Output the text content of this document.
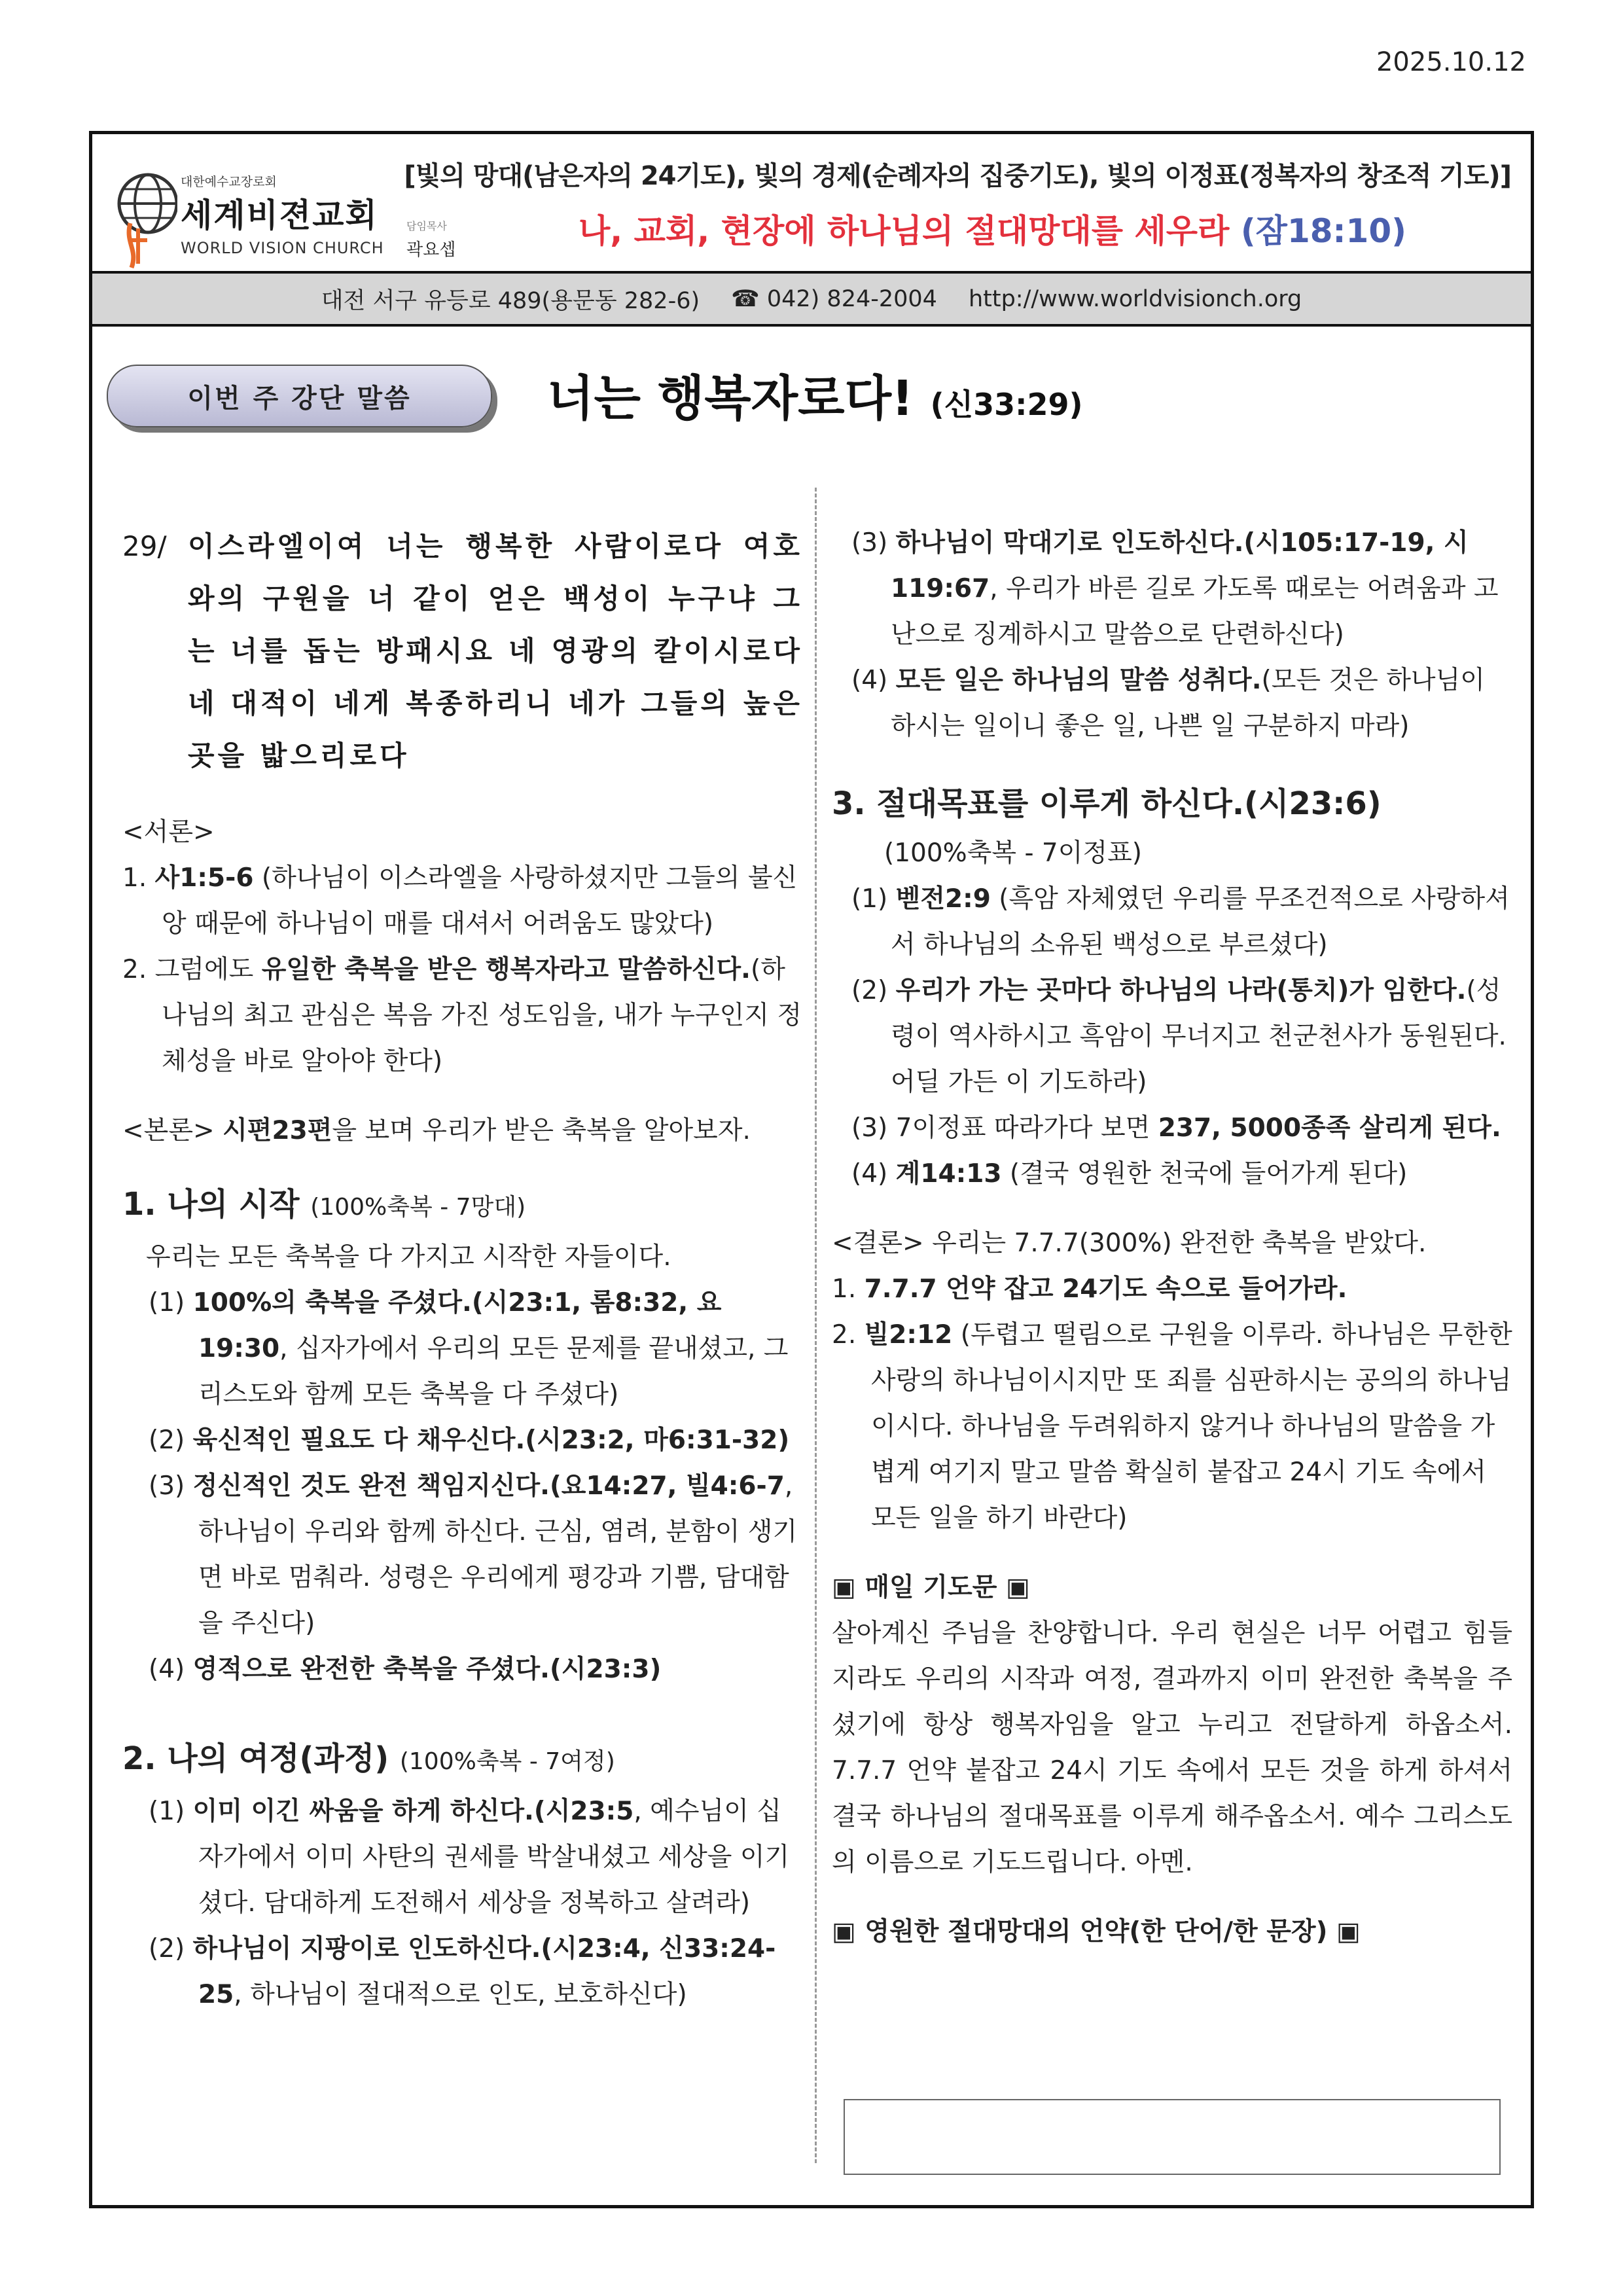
2025.10.12
대한예수교장로회
세계비젼교회
WORLD VISION CHURCH
담임목사
곽요셉
[빛의 망대(남은자의 24기도), 빛의 경제(순례자의 집중기도), 빛의 이정표(정복자의 창조적 기도)]
나, 교회, 현장에 하나님의 절대망대를 세우라 (잠18:10)
대전 서구 유등로 489(용문동 282-6) ☎ 042) 824-2004 http://www.worldvisionch.org
이번 주 강단 말씀	너는 행복자로다! (신33:29)
29/ 이스라엘이여 너는 행복한 사람이로다 여호와의 구원을 너 같이 얻은 백성이 누구냐 그는 너를 돕는 방패시요 네 영광의 칼이시로다 네 대적이 네게 복종하리니 네가 그들의 높은 곳을 밟으리로다

<서론>

1. 사1:5-6 (하나님이 이스라엘을 사랑하셨지만 그들의 불신앙 때문에 하나님이 매를 대셔서 어려움도 많았다)

2. 그럼에도 유일한 축복을 받은 행복자라고 말씀하신다.(하나님의 최고 관심은 복음 가진 성도임을, 내가 누구인지 정체성을 바로 알아야 한다)

<본론> 시편23편을 보며 우리가 받은 축복을 알아보자.

1. 나의 시작 (100%축복 - 7망대)

우리는 모든 축복을 다 가지고 시작한 자들이다.

(1) 100%의 축복을 주셨다.(시23:1, 롬8:32, 요19:30, 십자가에서 우리의 모든 문제를 끝내셨고, 그리스도와 함께 모든 축복을 다 주셨다)

(2) 육신적인 필요도 다 채우신다.(시23:2, 마6:31-32)

(3) 정신적인 것도 완전 책임지신다.(요14:27, 빌4:6-7, 하나님이 우리와 함께 하신다. 근심, 염려, 분함이 생기면 바로 멈춰라. 성령은 우리에게 평강과 기쁨, 담대함을 주신다)

(4) 영적으로 완전한 축복을 주셨다.(시23:3)

2. 나의 여정(과정) (100%축복 - 7여정)

(1) 이미 이긴 싸움을 하게 하신다.(시23:5, 예수님이 십자가에서 이미 사탄의 권세를 박살내셨고 세상을 이기셨다. 담대하게 도전해서 세상을 정복하고 살려라)

(2) 하나님이 지팡이로 인도하신다.(시23:4, 신33:24-25, 하나님이 절대적으로 인도, 보호하신다)

(3) 하나님이 막대기로 인도하신다.(시105:17-19, 시119:67, 우리가 바른 길로 가도록 때로는 어려움과 고난으로 징계하시고 말씀으로 단련하신다)

(4) 모든 일은 하나님의 말씀 성취다.(모든 것은 하나님이 하시는 일이니 좋은 일, 나쁜 일 구분하지 마라)

3. 절대목표를 이루게 하신다.(시23:6)

(100%축복 - 7이정표)

(1) 벧전2:9 (흑암 자체였던 우리를 무조건적으로 사랑하셔서 하나님의 소유된 백성으로 부르셨다)

(2) 우리가 가는 곳마다 하나님의 나라(통치)가 임한다.(성령이 역사하시고 흑암이 무너지고 천군천사가 동원된다. 어딜 가든 이 기도하라)

(3) 7이정표 따라가다 보면 237, 5000종족 살리게 된다.

(4) 계14:13 (결국 영원한 천국에 들어가게 된다)

<결론> 우리는 7.7.7(300%) 완전한 축복을 받았다.

1. 7.7.7 언약 잡고 24기도 속으로 들어가라.

2. 빌2:12 (두렵고 떨림으로 구원을 이루라. 하나님은 무한한 사랑의 하나님이시지만 또 죄를 심판하시는 공의의 하나님이시다. 하나님을 두려워하지 않거나 하나님의 말씀을 가볍게 여기지 말고 말씀 확실히 붙잡고 24시 기도 속에서 모든 일을 하기 바란다)

▣ 매일 기도문 ▣

살아계신 주님을 찬양합니다. 우리 현실은 너무 어렵고 힘들지라도 우리의 시작과 여정, 결과까지 이미 완전한 축복을 주셨기에 항상 행복자임을 알고 누리고 전달하게 하옵소서. 7.7.7 언약 붙잡고 24시 기도 속에서 모든 것을 하게 하셔서 결국 하나님의 절대목표를 이루게 해주옵소서. 예수 그리스도의 이름으로 기도드립니다. 아멘.

▣ 영원한 절대망대의 언약(한 단어/한 문장) ▣
